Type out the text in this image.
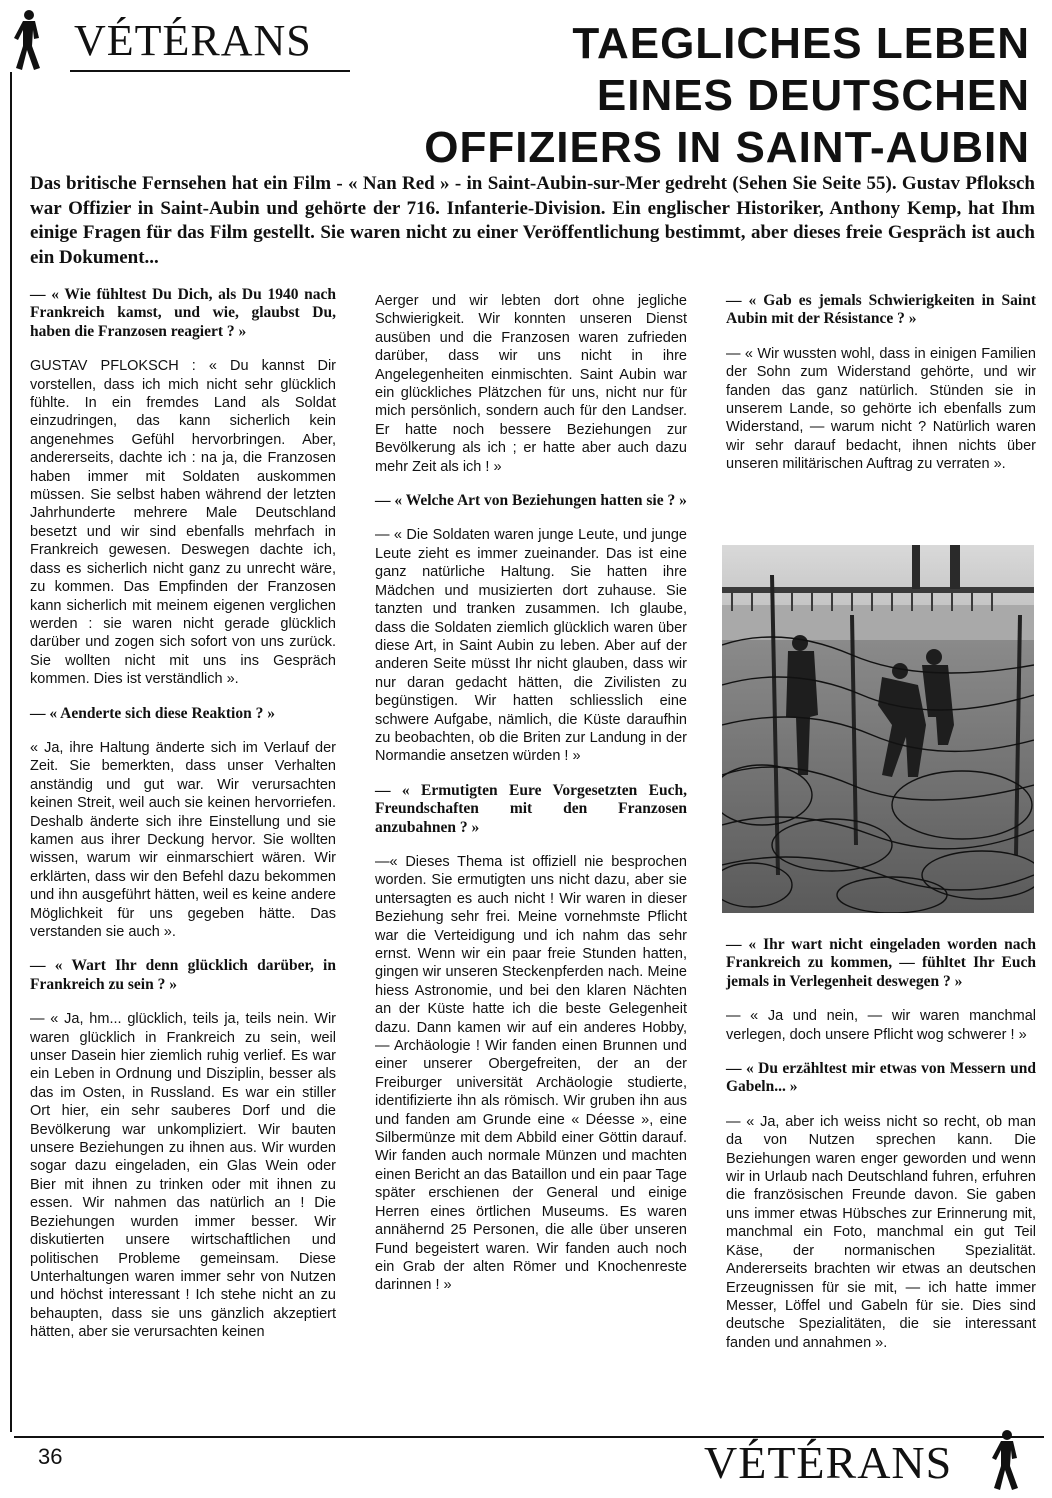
VÉTÉRANS	TAEGLICHES LEBEN
EINES DEUTSCHEN
OFFIZIERS IN SAINT-AUBIN
Das britische Fernsehen hat ein Film - « Nan Red » - in Saint-Aubin-sur-Mer gedreht (Sehen Sie Seite 55). Gustav Pfloksch war Offizier in Saint-Aubin und gehörte der 716. Infanterie-Division. Ein englischer Historiker, Anthony Kemp, hat Ihm einige Fragen für das Film gestellt. Sie waren nicht zu einer Veröffentlichung bestimmt, aber dieses freie Gespräch ist auch ein Dokument...

— « Wie fühltest Du Dich, als Du 1940 nach Frankreich kamst, und wie, glaubst Du, haben die Franzosen reagiert ? »

GUSTAV PFLOKSCH : « Du kannst Dir vorstellen, dass ich mich nicht sehr glücklich fühlte. In ein fremdes Land als Soldat einzudringen, das kann sicherlich kein angenehmes Gefühl hervorbringen. Aber, andererseits, dachte ich : na ja, die Franzosen haben immer mit Soldaten auskommen müssen. Sie selbst haben während der letzten Jahrhunderte mehrere Male Deutschland besetzt und wir sind ebenfalls mehrfach in Frankreich gewesen. Deswegen dachte ich, dass es sicherlich nicht ganz zu unrecht wäre, zu kommen. Das Empfinden der Franzosen kann sicherlich mit meinem eigenen verglichen werden : sie waren nicht gerade glücklich darüber und zogen sich sofort von uns zurück. Sie wollten nicht mit uns ins Gespräch kommen. Dies ist verständlich ».

— « Aenderte sich diese Reaktion ? »

« Ja, ihre Haltung änderte sich im Verlauf der Zeit. Sie bemerkten, dass unser Verhalten anständig und gut war. Wir verursachten keinen Streit, weil auch sie keinen hervorriefen. Deshalb änderte sich ihre Einstellung und sie kamen aus ihrer Deckung hervor. Sie wollten wissen, warum wir einmarschiert wären. Wir erklärten, dass wir den Befehl dazu bekommen und ihn ausgeführt hätten, weil es keine andere Möglichkeit für uns gegeben hätte. Das verstanden sie auch ».

— « Wart Ihr denn glücklich darüber, in Frankreich zu sein ? »

— « Ja, hm... glücklich, teils ja, teils nein. Wir waren glücklich in Frankreich zu sein, weil unser Dasein hier ziemlich ruhig verlief. Es war ein Leben in Ordnung und Disziplin, besser als das im Osten, in Russland. Es war ein stiller Ort hier, ein sehr sauberes Dorf und die Bevölkerung war unkompliziert. Wir bauten unsere Beziehungen zu ihnen aus. Wir wurden sogar dazu eingeladen, ein Glas Wein oder Bier mit ihnen zu trinken oder mit ihnen zu essen. Wir nahmen das natürlich an ! Die Beziehungen wurden immer besser. Wir diskutierten unsere wirtschaftlichen und politischen Probleme gemeinsam. Diese Unterhaltungen waren immer sehr von Nutzen und höchst interessant ! Ich stehe nicht an zu behaupten, dass sie uns gänzlich akzeptiert hätten, aber sie verursachten keinen

Aerger und wir lebten dort ohne jegliche Schwierigkeit. Wir konnten unseren Dienst ausüben und die Franzosen waren zufrieden darüber, dass wir uns nicht in ihre Angelegenheiten einmischten. Saint Aubin war ein glückliches Plätzchen für uns, nicht nur für mich persönlich, sondern auch für den Landser. Er hatte noch bessere Beziehungen zur Bevölkerung als ich ; er hatte aber auch dazu mehr Zeit als ich ! »

— « Welche Art von Beziehungen hatten sie ? »

— « Die Soldaten waren junge Leute, und junge Leute zieht es immer zueinander. Das ist eine ganz natürliche Haltung. Sie hatten ihre Mädchen und musizierten dort zuhause. Sie tanzten und tranken zusammen. Ich glaube, dass die Soldaten ziemlich glücklich waren über diese Art, in Saint Aubin zu leben. Aber auf der anderen Seite müsst Ihr nicht glauben, dass wir nur daran gedacht hätten, die Zivilisten zu begünstigen. Wir hatten schliesslich eine schwere Aufgabe, nämlich, die Küste daraufhin zu beobachten, ob die Briten zur Landung in der Normandie ansetzen würden ! »

— « Ermutigten Eure Vorgesetzten Euch, Freundschaften mit den Franzosen anzubahnen ? »

—« Dieses Thema ist offiziell nie besprochen worden. Sie ermutigten uns nicht dazu, aber sie untersagten es auch nicht ! Wir waren in dieser Beziehung sehr frei. Meine vornehmste Pflicht war die Verteidigung und ich nahm das sehr ernst. Wenn wir ein paar freie Stunden hatten, gingen wir unseren Steckenpferden nach. Meine hiess Astronomie, und bei den klaren Nächten an der Küste hatte ich die beste Gelegenheit dazu. Dann kamen wir auf ein anderes Hobby, — Archäologie ! Wir fanden einen Brunnen und einer unserer Obergefreiten, der an der Freiburger universität Archäologie studierte, identifizierte ihn als römisch. Wir gruben ihn aus und fanden am Grunde eine « Déesse », eine Silbermünze mit dem Abbild einer Göttin darauf. Wir fanden auch normale Münzen und machten einen Bericht an das Bataillon und ein paar Tage später erschienen der General und einige Herren eines örtlichen Museums. Es waren annähernd 25 Personen, die alle über unseren Fund begeistert waren. Wir fanden auch noch ein Grab der alten Römer und Knochenreste darinnen ! »

— « Gab es jemals Schwierigkeiten in Saint Aubin mit der Résistance ? »

— « Wir wussten wohl, dass in einigen Familien der Sohn zum Widerstand gehörte, und wir fanden das ganz natürlich. Stünden sie in unserem Lande, so gehörte ich ebenfalls zum Widerstand, — warum nicht ? Natürlich waren wir sehr darauf bedacht, ihnen nichts über unseren militärischen Auftrag zu verraten ».

— « Ihr wart nicht eingeladen worden nach Frankreich zu kommen, — fühltet Ihr Euch jemals in Verlegenheit deswegen ? »

— « Ja und nein, — wir waren manchmal verlegen, doch unsere Pflicht wog schwerer ! »

— « Du erzähltest mir etwas von Messern und Gabeln... »

— « Ja, aber ich weiss nicht so recht, ob man da von Nutzen sprechen kann. Die Beziehungen waren enger geworden und wenn wir in Urlaub nach Deutschland fuhren, erfuhren die französischen Freunde davon. Sie gaben uns immer etwas Hübsches zur Erinnerung mit, manchmal ein Foto, manchmal ein gut Teil Käse, der normanischen Spezialität. Andererseits brachten wir etwas an deutschen Erzeugnissen für sie mit, — ich hatte immer Messer, Löffel und Gabeln für sie. Dies sind deutsche Spezialitäten, die sie interessant fanden und annahmen ».

36	VÉTÉRANS
